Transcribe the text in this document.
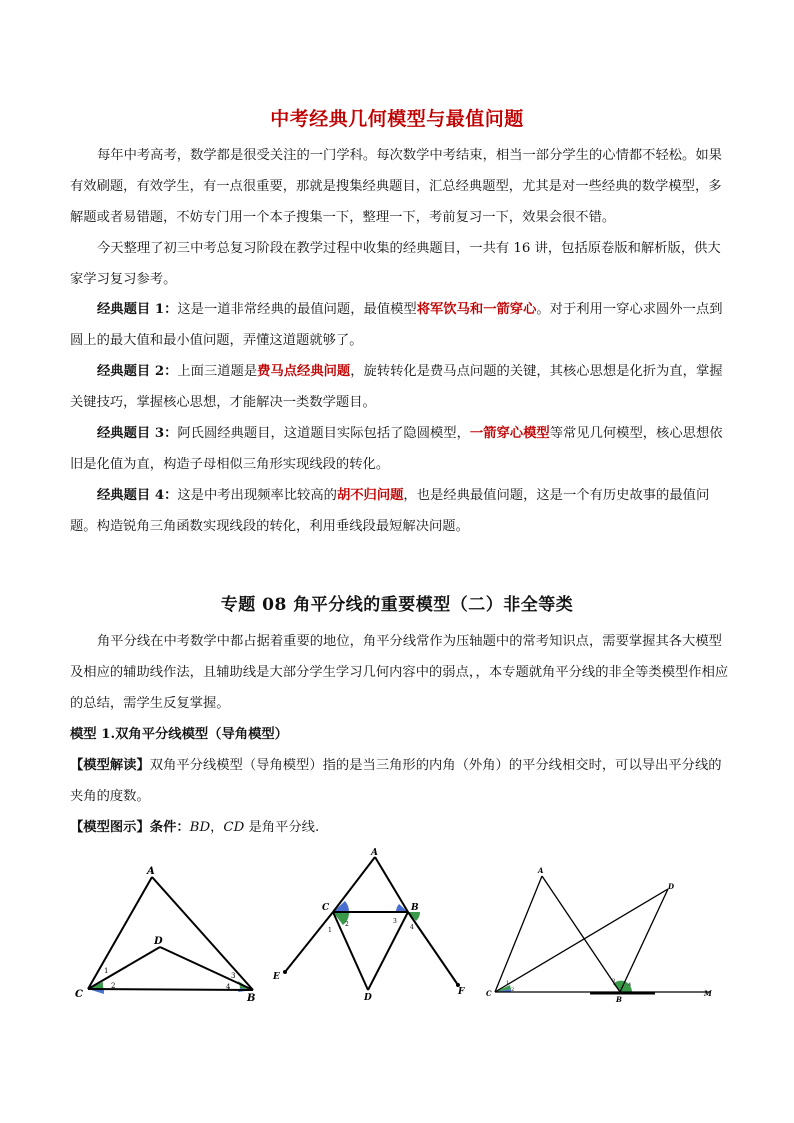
中考经典几何模型与最值问题
每年中考高考，数学都是很受关注的一门学科。每次数学中考结束，相当一部分学生的心情都不轻松。如果有效刷题，有效学生，有一点很重要，那就是搜集经典题目，汇总经典题型，尤其是对一些经典的数学模型，多解题或者易错题，不妨专门用一个本子搜集一下，整理一下，考前复习一下，效果会很不错。
今天整理了初三中考总复习阶段在教学过程中收集的经典题目，一共有 16 讲，包括原卷版和解析版，供大家学习复习参考。
经典题目 1：这是一道非常经典的最值问题，最值模型将军饮马和一箭穿心。对于利用一穿心求圆外一点到圆上的最大值和最小值问题，弄懂这道题就够了。
经典题目 2：上面三道题是费马点经典问题，旋转转化是费马点问题的关键，其核心思想是化折为直，掌握关键技巧，掌握核心思想，才能解决一类数学题目。
经典题目 3：阿氏圆经典题目，这道题目实际包括了隐圆模型，一箭穿心模型等常见几何模型，核心思想依旧是化值为直，构造子母相似三角形实现线段的转化。
经典题目 4：这是中考出现频率比较高的胡不归问题，也是经典最值问题，这是一个有历史故事的最值问题。构造锐角三角函数实现线段的转化，利用垂线段最短解决问题。
专题 08 角平分线的重要模型（二）非全等类
角平分线在中考数学中都占据着重要的地位，角平分线常作为压轴题中的常考知识点，需要掌握其各大模型及相应的辅助线作法，且辅助线是大部分学生学习几何内容中的弱点，，本专题就角平分线的非全等类模型作相应的总结，需学生反复掌握。
模型 1.双角平分线模型（导角模型）
【模型解读】双角平分线模型（导角模型）指的是当三角形的内角（外角）的平分线相交时，可以导出平分线的夹角的度数。
【模型图示】条件：BD，CD 是角平分线.
A
D
C	B
1
2
3
4
A
C	B
D
E
F
1
2	3
4
A
D
C
B
M
1
2
3
4
